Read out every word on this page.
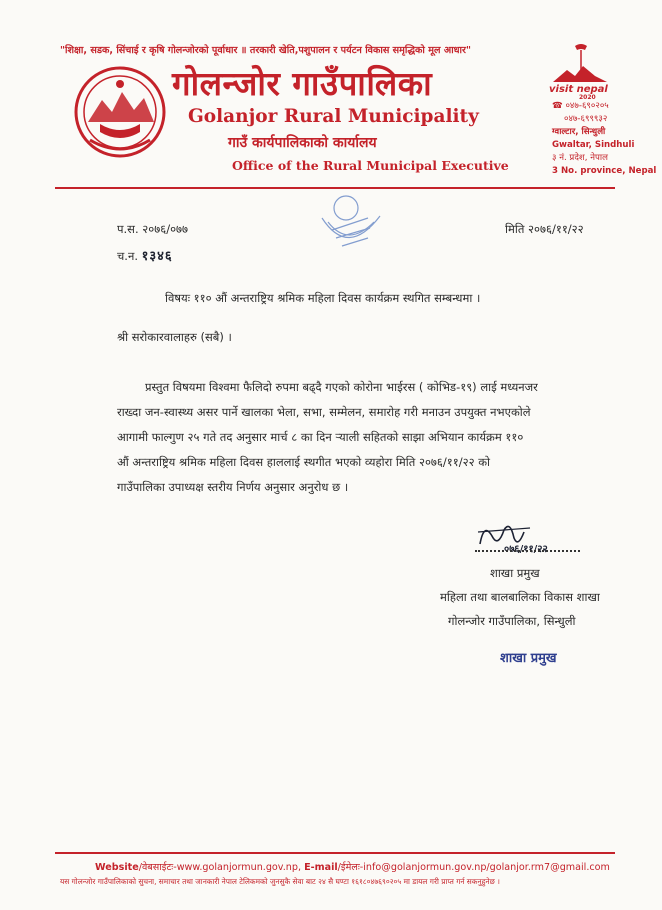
"शिक्षा, सडक, सिंचाई र कृषि गोलन्जोरको पूर्वाधार ॥ तरकारी खेति,पशुपालन र पर्यटन विकास समृद्धिको मूल आधार"
गोलन्जोर गाउँपालिका
Golanjor Rural Municipality
गाउँ कार्यपालिकाको कार्यालय
Office of the Rural Municipal Executive
visit nepal
2020
☎ ०४७-६९०२०५
०४७-६९९९३२
ग्वाल्टार, सिन्धुली
Gwaltar, Sindhuli
३ नं. प्रदेश, नेपाल
3 No. province, Nepal
प.स. २०७६/०७७
च.न. १३४६
मिति २०७६/११/२२
विषयः ११० औं अन्तराष्ट्रिय श्रमिक महिला दिवस कार्यक्रम स्थगित सम्बन्धमा ।
श्री सरोकारवालाहरु (सबै) ।
प्रस्तुत विषयमा विश्वमा फैलिदो रुपमा बढ्दै गएको कोरोना भाईरस ( कोभिड-१९) लाई मध्यनजर
राख्दा जन-स्वास्थ्य असर पार्ने खालका भेला, सभा, सम्मेलन, समारोह गरी मनाउन उपयुक्त नभएकोले
आगामी फाल्गुण २५ गते तद अनुसार मार्च ८ का दिन र्‍याली सहितको साझा अभियान कार्यक्रम ११०
औं अन्तराष्ट्रिय श्रमिक महिला दिवस हाललाई स्थगीत भएको व्यहोरा मिति २०७६/११/२२ को
गाउँपालिका उपाध्यक्ष स्तरीय निर्णय अनुसार अनुरोध छ ।
०७६/११/२२
शाखा प्रमुख
महिला तथा बालबालिका विकास शाखा
गोलन्जोर गाउँपालिका, सिन्धुली
शाखा प्रमुख
Website/वेबसाईटः-www.golanjormun.gov.np, E-mail/ईमेलः-info@golanjormun.gov.np/golanjor.rm7@gmail.com
यस गोलन्जोर गाउँपालिकाको सुचना, समाचार तथा जानकारी नेपाल टेलिकमको जुनसुकै सेवा बाट २४ सै घण्टा १६१८०४७६९०२०५ मा डायल गरी प्राप्त गर्न सकनुहुनेछ ।
